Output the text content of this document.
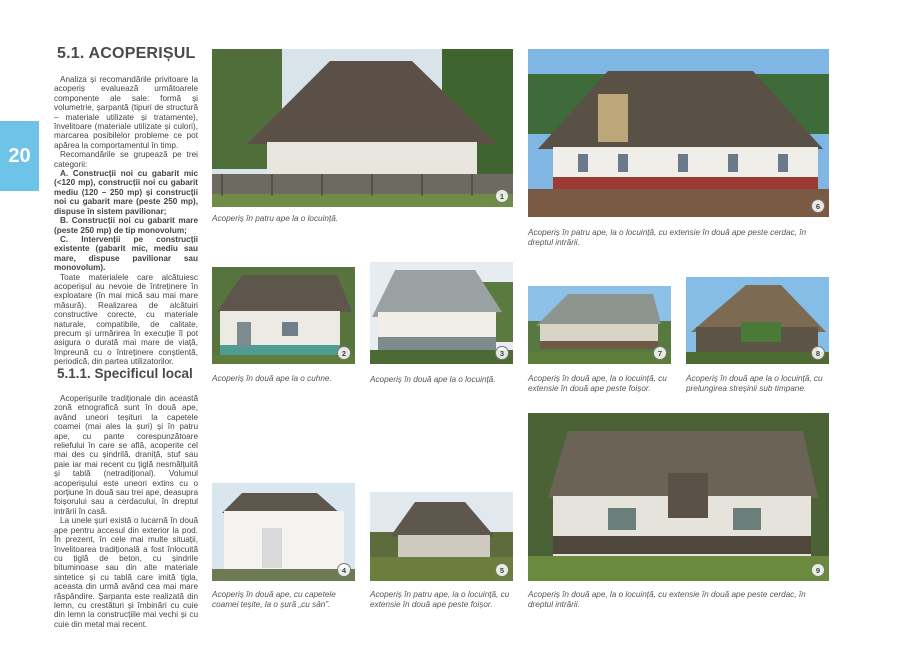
20
5.1. ACOPERIȘUL

Analiza și recomandările privitoare la acoperiș evaluează următoarele componente ale sale: formă și volumetrie, șarpantă (tipuri de structură – materiale utilizate și tratamente), învelitoare (materiale utilizate și culori), marcarea posibilelor probleme ce pot apărea la comportamentul în timp.

Recomandările se grupează pe trei categorii:

A. Construcții noi cu gabarit mic (<120 mp), construcții noi cu gabarit mediu (120 – 250 mp) și construcții noi cu gabarit mare (peste 250 mp), dispuse în sistem pavilionar;

B. Construcții noi cu gabarit mare (peste 250 mp) de tip monovolum;

C. Intervenții pe construcții existente (gabarit mic, mediu sau mare, dispuse pavilionar sau monovolum).

Toate materialele care alcătuiesc acoperișul au nevoie de întreținere în exploatare (în mai mică sau mai mare măsură). Realizarea de alcătuiri constructive corecte, cu materiale naturale, compatibile, de calitate, precum și urmărirea în execuție îl pot asigura o durată mai mare de viață, împreună cu o întreținere conștientă, periodică, din partea utilizatorilor.

5.1.1. Specificul local

Acoperișurile tradiționale din această zonă etnografică sunt în două ape, având uneori teșituri la capetele coamei (mai ales la șuri) și în patru ape, cu pante corespunzătoare reliefului în care se află, acoperite cel mai des cu șindrilă, draniță, stuf sau paie iar mai recent cu țiglă nesmălțuită și tablă (netradițional). Volumul acoperișului este uneori extins cu o porțiune în două sau trei ape, deasupra foișorului sau a cerdacului, în dreptul intrării în casă.

La unele șuri există o lucarnă în două ape pentru accesul din exterior la pod. În prezent, în cele mai multe situații, învelitoarea tradițională a fost înlocuită cu țiglă de beton, cu șindrile bituminoase sau din alte materiale sintetice și cu tablă care imită țigla, aceasta din urmă având cea mai mare răspândire. Șarpanta este realizată din lemn, cu crestături și îmbinări cu cuie din lemn la construcțiile mai vechi și cu cuie din metal mai recent.

1
Acoperiș în patru ape la o locuință.
6
Acoperiș în patru ape, la o locuință, cu extensie în două ape peste cerdac, în dreptul intrării.
2
Acoperiș în două ape la o cuhne.
3
Acoperiș în două ape la o locuință.
7
Acoperiș în două ape, la o locuință, cu extensie în două ape peste foișor.
8
Acoperiș în două ape la o locuință, cu prelungirea streșinii sub timpane.
4
Acoperiș în două ape, cu capetele coamei teșite, la o șură „cu sân”.
5
Acoperiș în patru ape, la o locuință, cu extensie în două ape peste foișor.
9
Acoperiș în două ape, la o locuință, cu extensie în două ape peste cerdac, în dreptul intrării.
